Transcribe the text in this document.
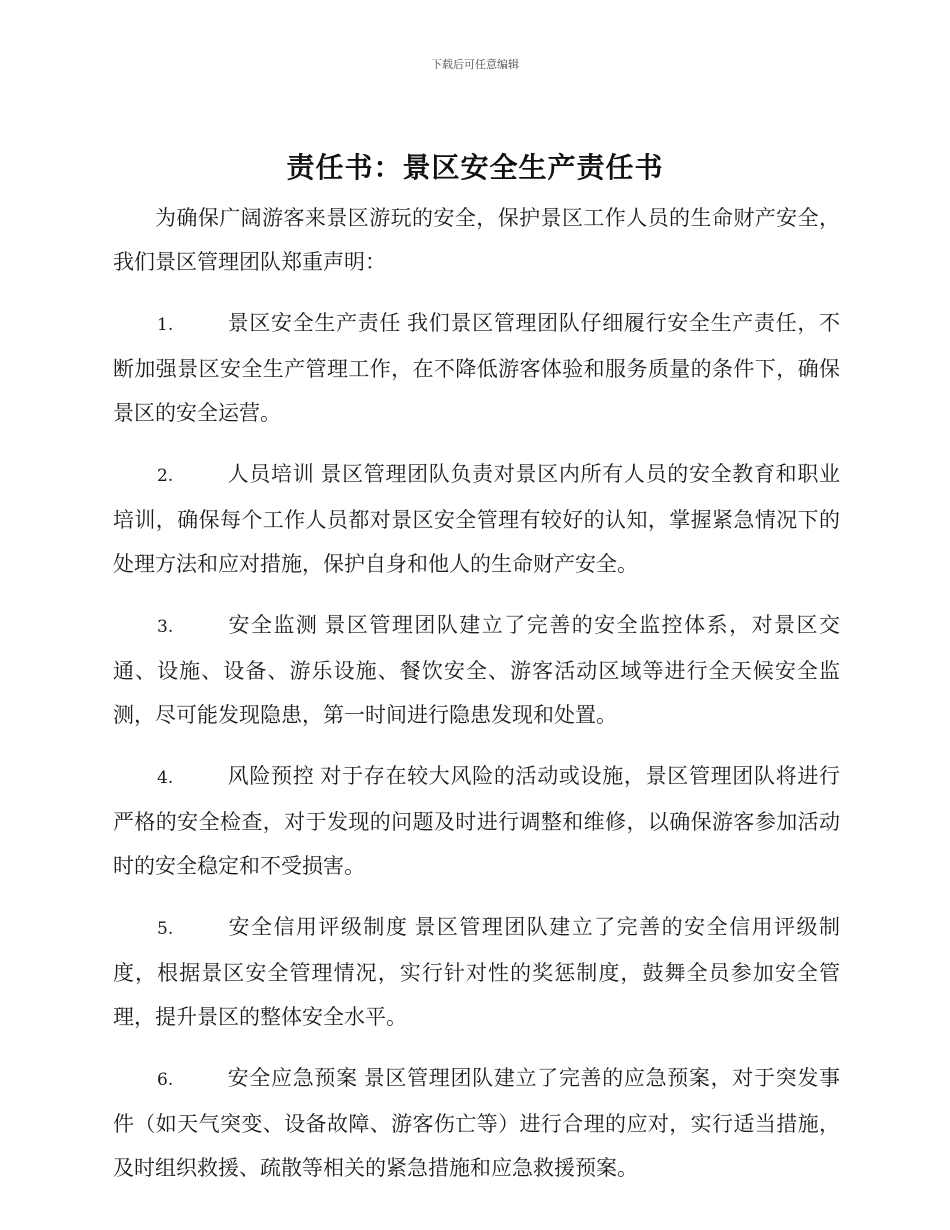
下载后可任意编辑
责任书：景区安全生产责任书

为确保广阔游客来景区游玩的安全，保护景区工作人员的生命财产安全，我们景区管理团队郑重声明：

1.	景区安全生产责任 我们景区管理团队仔细履行安全生产责任，不断加强景区安全生产管理工作，在不降低游客体验和服务质量的条件下，确保景区的安全运营。

2.	人员培训 景区管理团队负责对景区内所有人员的安全教育和职业培训，确保每个工作人员都对景区安全管理有较好的认知，掌握紧急情况下的处理方法和应对措施，保护自身和他人的生命财产安全。

3.	安全监测 景区管理团队建立了完善的安全监控体系，对景区交通、设施、设备、游乐设施、餐饮安全、游客活动区域等进行全天候安全监测，尽可能发现隐患，第一时间进行隐患发现和处置。

4.	风险预控 对于存在较大风险的活动或设施，景区管理团队将进行严格的安全检查，对于发现的问题及时进行调整和维修，以确保游客参加活动时的安全稳定和不受损害。

5.	安全信用评级制度 景区管理团队建立了完善的安全信用评级制度，根据景区安全管理情况，实行针对性的奖惩制度，鼓舞全员参加安全管理，提升景区的整体安全水平。

6.	安全应急预案 景区管理团队建立了完善的应急预案，对于突发事件（如天气突变、设备故障、游客伤亡等）进行合理的应对，实行适当措施，及时组织救援、疏散等相关的紧急措施和应急救援预案。
